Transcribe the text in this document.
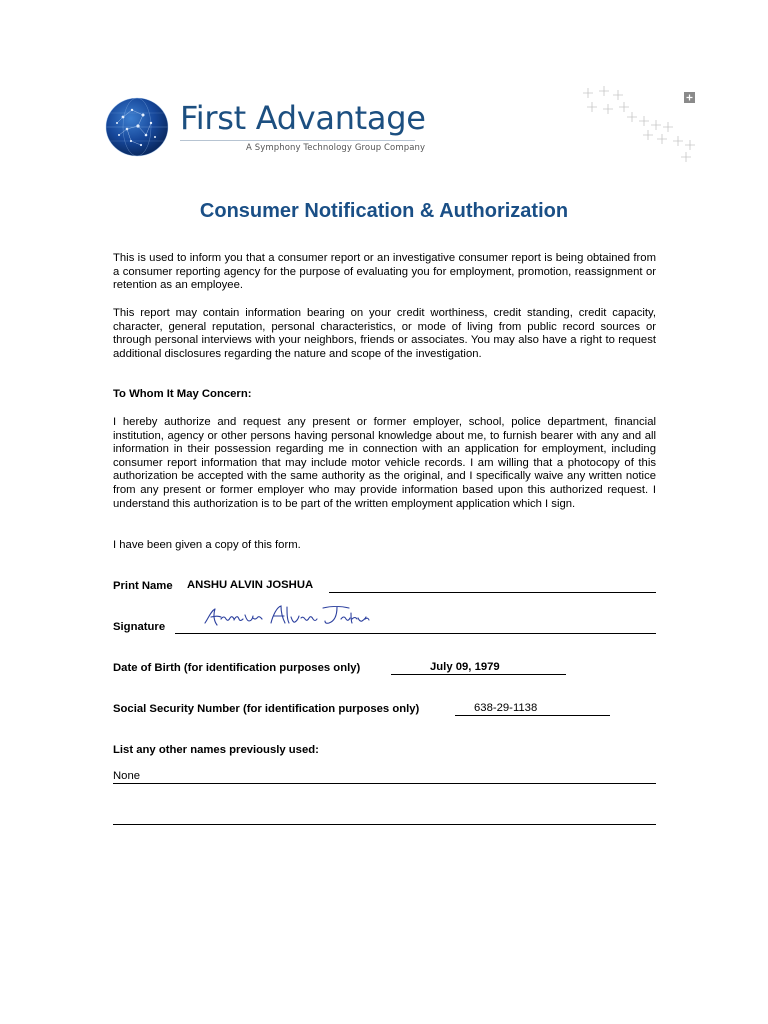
First Advantage
A Symphony Technology Group Company
Consumer Notification & Authorization

This is used to inform you that a consumer report or an investigative consumer report is being obtained from a consumer reporting agency for the purpose of evaluating you for employment, promotion, reassignment or retention as an employee.

This report may contain information bearing on your credit worthiness, credit standing, credit capacity, character, general reputation, personal characteristics, or mode of living from public record sources or through personal interviews with your neighbors, friends or associates. You may also have a right to request additional disclosures regarding the nature and scope of the investigation.

To Whom It May Concern:

I hereby authorize and request any present or former employer, school, police department, financial institution, agency or other persons having personal knowledge about me, to furnish bearer with any and all information in their possession regarding me in connection with an application for employment, including consumer report information that may include motor vehicle records. I am willing that a photocopy of this authorization be accepted with the same authority as the original, and I specifically waive any written notice from any present or former employer who may provide information based upon this authorized request. I understand this authorization is to be part of the written employment application which I sign.

I have been given a copy of this form.

Print Name ANSHU ALVIN JOSHUA
Signature
Date of Birth (for identification purposes only)	July 09, 1979
Social Security Number (for identification purposes only)	638-29-1138
List any other names previously used:
None
